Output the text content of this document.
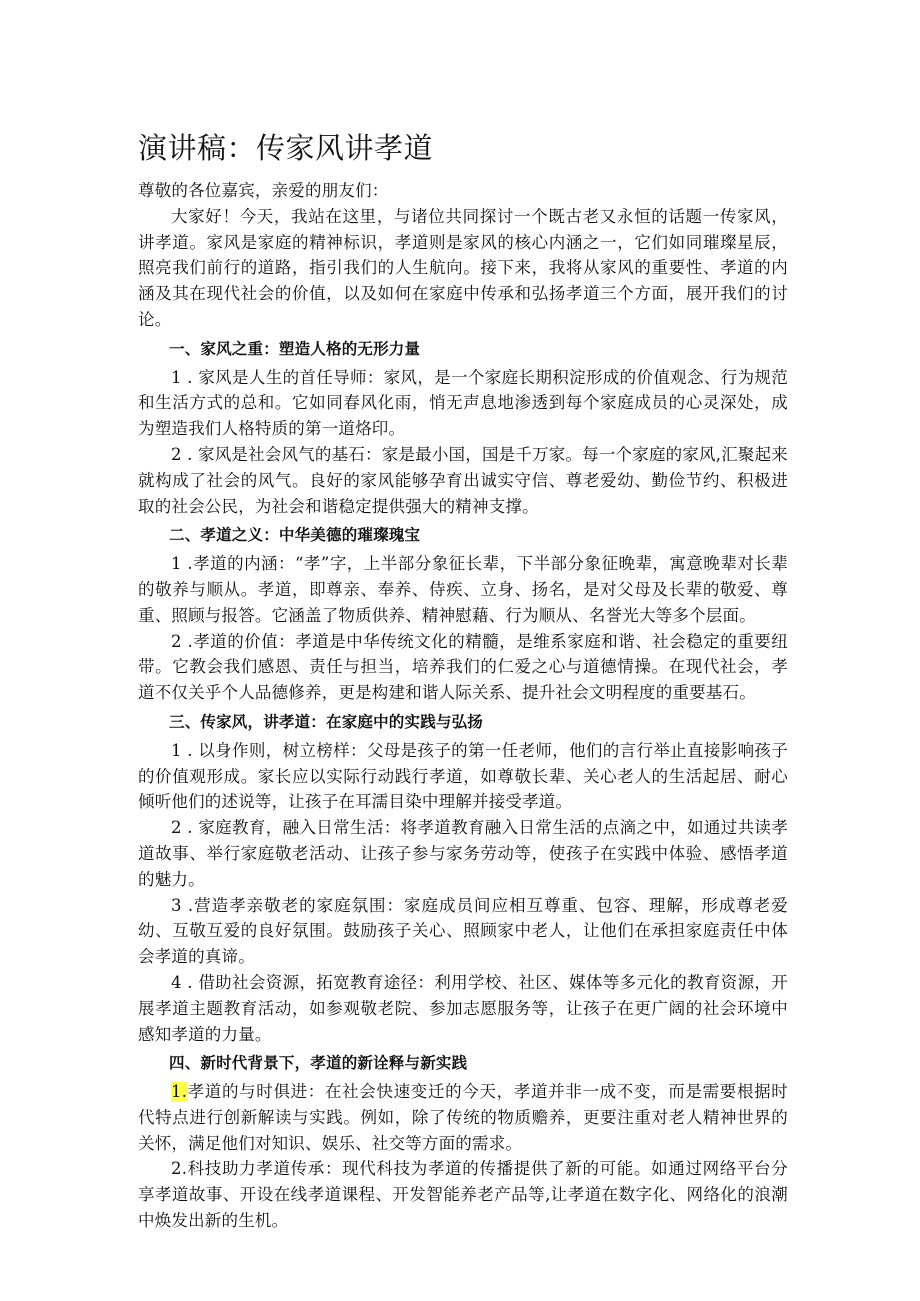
演讲稿：传家风讲孝道

尊敬的各位嘉宾，亲爱的朋友们：

大家好！今天，我站在这里，与诸位共同探讨一个既古老又永恒的话题一传家风，讲孝道。家风是家庭的精神标识，孝道则是家风的核心内涵之一，它们如同璀璨星辰，照亮我们前行的道路，指引我们的人生航向。接下来，我将从家风的重要性、孝道的内涵及其在现代社会的价值，以及如何在家庭中传承和弘扬孝道三个方面，展开我们的讨论。

一、家风之重：塑造人格的无形力量

1 . 家风是人生的首任导师：家风，是一个家庭长期积淀形成的价值观念、行为规范和生活方式的总和。它如同春风化雨，悄无声息地渗透到每个家庭成员的心灵深处，成为塑造我们人格特质的第一道烙印。

2 . 家风是社会风气的基石：家是最小国，国是千万家。每一个家庭的家风,汇聚起来就构成了社会的风气。良好的家风能够孕育出诚实守信、尊老爱幼、勤俭节约、积极进取的社会公民，为社会和谐稳定提供强大的精神支撑。

二、孝道之义：中华美德的璀璨瑰宝

1 .孝道的内涵：“孝”字，上半部分象征长辈，下半部分象征晚辈，寓意晚辈对长辈的敬养与顺从。孝道，即尊亲、奉养、侍疾、立身、扬名，是对父母及长辈的敬爱、尊重、照顾与报答。它涵盖了物质供养、精神慰藉、行为顺从、名誉光大等多个层面。

2 .孝道的价值：孝道是中华传统文化的精髓，是维系家庭和谐、社会稳定的重要纽带。它教会我们感恩、责任与担当，培养我们的仁爱之心与道德情操。在现代社会，孝道不仅关乎个人品德修养，更是构建和谐人际关系、提升社会文明程度的重要基石。

三、传家风，讲孝道：在家庭中的实践与弘扬

1 . 以身作则，树立榜样：父母是孩子的第一任老师，他们的言行举止直接影响孩子的价值观形成。家长应以实际行动践行孝道，如尊敬长辈、关心老人的生活起居、耐心倾听他们的述说等，让孩子在耳濡目染中理解并接受孝道。

2 . 家庭教育，融入日常生活：将孝道教育融入日常生活的点滴之中，如通过共读孝道故事、举行家庭敬老活动、让孩子参与家务劳动等，使孩子在实践中体验、感悟孝道的魅力。

3 .营造孝亲敬老的家庭氛围：家庭成员间应相互尊重、包容、理解，形成尊老爱幼、互敬互爱的良好氛围。鼓励孩子关心、照顾家中老人，让他们在承担家庭责任中体会孝道的真谛。

4 . 借助社会资源，拓宽教育途径：利用学校、社区、媒体等多元化的教育资源，开展孝道主题教育活动，如参观敬老院、参加志愿服务等，让孩子在更广阔的社会环境中感知孝道的力量。

四、新时代背景下，孝道的新诠释与新实践

1.孝道的与时俱进：在社会快速变迁的今天，孝道并非一成不变，而是需要根据时代特点进行创新解读与实践。例如，除了传统的物质赡养，更要注重对老人精神世界的关怀，满足他们对知识、娱乐、社交等方面的需求。

2.科技助力孝道传承：现代科技为孝道的传播提供了新的可能。如通过网络平台分享孝道故事、开设在线孝道课程、开发智能养老产品等,让孝道在数字化、网络化的浪潮中焕发出新的生机。
